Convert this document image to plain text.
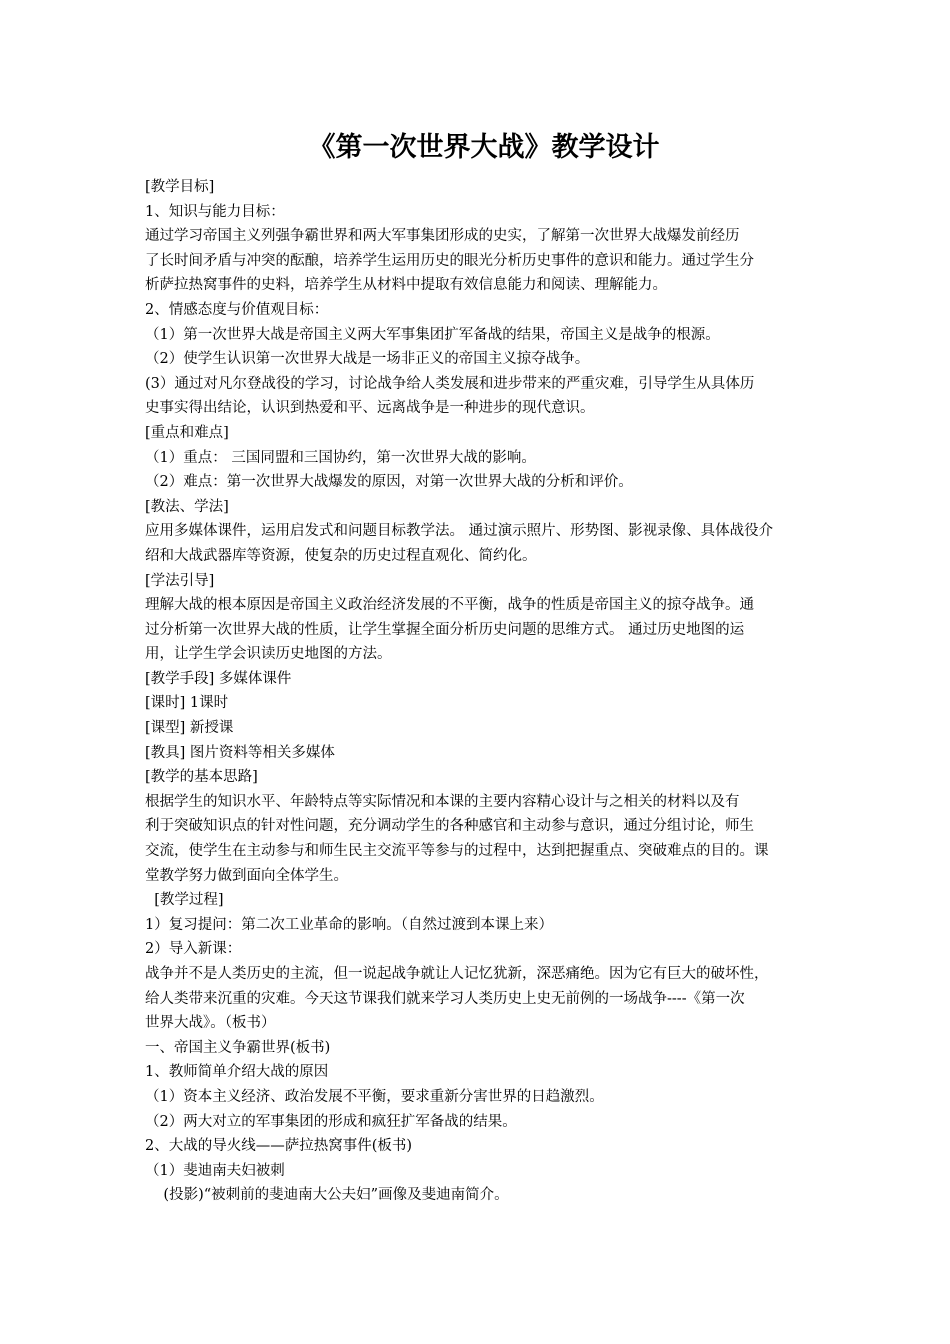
《第一次世界大战》教学设计
[教学目标]
1、知识与能力目标：
通过学习帝国主义列强争霸世界和两大军事集团形成的史实，了解第一次世界大战爆发前经历
了长时间矛盾与冲突的酝酿，培养学生运用历史的眼光分析历史事件的意识和能力。通过学生分
析萨拉热窝事件的史料，培养学生从材料中提取有效信息能力和阅读、理解能力。
2、情感态度与价值观目标：
（1）第一次世界大战是帝国主义两大军事集团扩军备战的结果，帝国主义是战争的根源。
（2）使学生认识第一次世界大战是一场非正义的帝国主义掠夺战争。
(3）通过对凡尔登战役的学习，讨论战争给人类发展和进步带来的严重灾难，引导学生从具体历
史事实得出结论，认识到热爱和平、远离战争是一种进步的现代意识。
[重点和难点]
（1）重点： 三国同盟和三国协约，第一次世界大战的影响。
（2）难点：第一次世界大战爆发的原因，对第一次世界大战的分析和评价。
[教法、学法]
应用多媒体课件，运用启发式和问题目标教学法。 通过演示照片、形势图、影视录像、具体战役介
绍和大战武器库等资源，使复杂的历史过程直观化、简约化。
[学法引导]
理解大战的根本原因是帝国主义政治经济发展的不平衡，战争的性质是帝国主义的掠夺战争。通
过分析第一次世界大战的性质，让学生掌握全面分析历史问题的思维方式。 通过历史地图的运
用，让学生学会识读历史地图的方法。
[教学手段] 多媒体课件
[课时] 1课时
[课型] 新授课
[教具] 图片资料等相关多媒体
[教学的基本思路]
根据学生的知识水平、年龄特点等实际情况和本课的主要内容精心设计与之相关的材料以及有
利于突破知识点的针对性问题，充分调动学生的各种感官和主动参与意识，通过分组讨论，师生
交流，使学生在主动参与和师生民主交流平等参与的过程中，达到把握重点、突破难点的目的。课
堂教学努力做到面向全体学生。
[教学过程]
1）复习提问：第二次工业革命的影响。（自然过渡到本课上来）
2）导入新课：
战争并不是人类历史的主流，但一说起战争就让人记忆犹新，深恶痛绝。因为它有巨大的破坏性，
给人类带来沉重的灾难。今天这节课我们就来学习人类历史上史无前例的一场战争----《第一次
世界大战》。（板书）
一、帝国主义争霸世界(板书)
1、教师简单介绍大战的原因
（1）资本主义经济、政治发展不平衡，要求重新分害世界的日趋激烈。
（2）两大对立的军事集团的形成和疯狂扩军备战的结果。
2、大战的导火线——萨拉热窝事件(板书)
（1）斐迪南夫妇被刺
(投影)“被刺前的斐迪南大公夫妇”画像及斐迪南简介。
